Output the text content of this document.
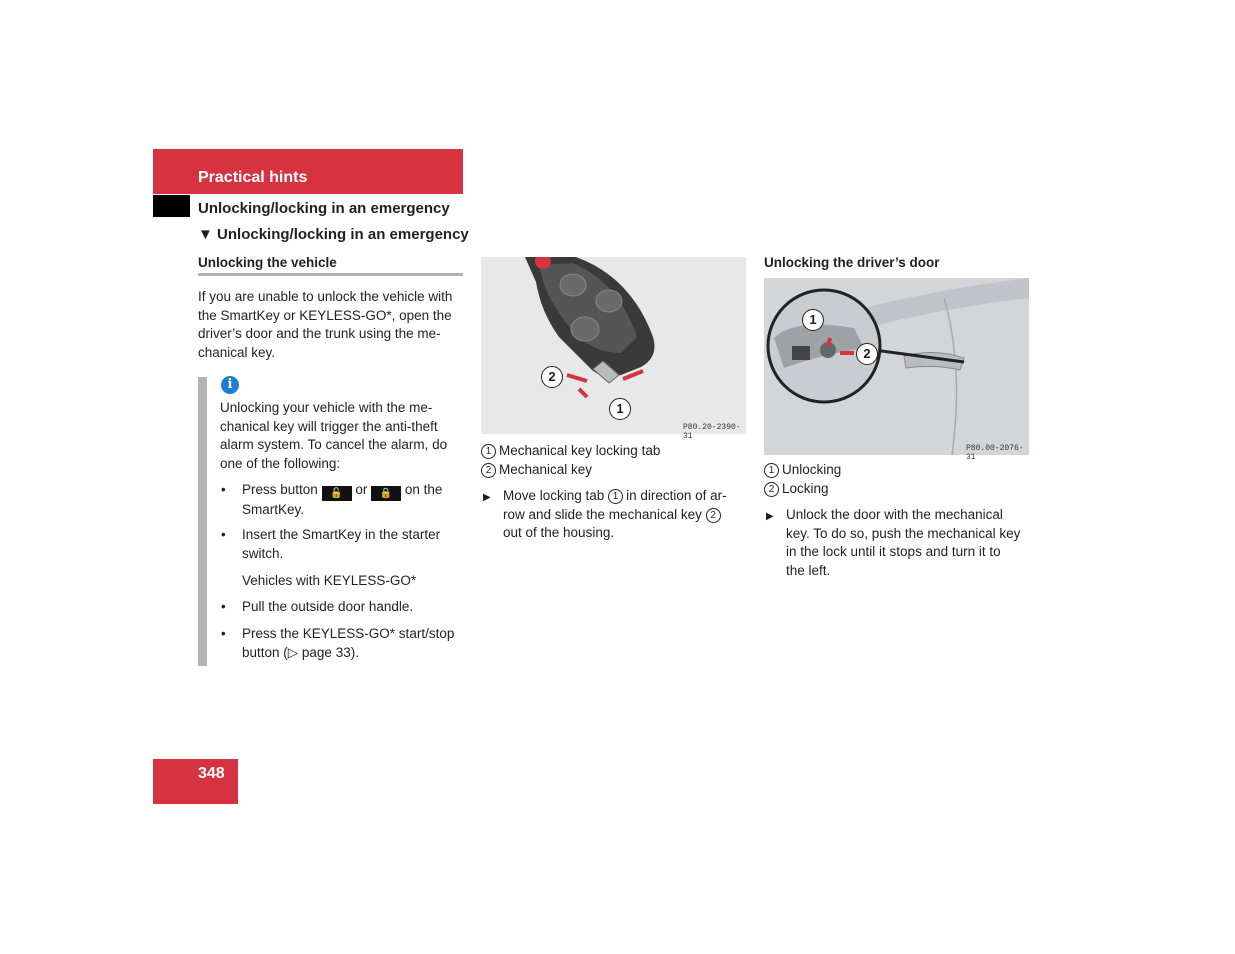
Practical hints
Unlocking/locking in an emergency
▼ Unlocking/locking in an emergency
Unlocking the vehicle
If you are unable to unlock the vehicle with
the SmartKey or KEYLESS-GO*, open the
driver’s door and the trunk using the me-
chanical key.
i
Unlocking your vehicle with the me-
chanical key will trigger the anti-theft
alarm system. To cancel the alarm, do
one of the following:
• Press button 🔓 or 🔒 on the
SmartKey.
• Insert the SmartKey in the starter
switch.
Vehicles with KEYLESS-GO*
• Pull the outside door handle.
• Press the KEYLESS-GO* start/stop
button (▷ page 33).
2
1
P80.20-2390-31
1 Mechanical key locking tab
2 Mechanical key
▶ Move locking tab 1 in direction of ar-
row and slide the mechanical key 2
out of the housing.
Unlocking the driver’s door
1
2
P80.00-2076-31
1 Unlocking
2 Locking
▶ Unlock the door with the mechanical
key. To do so, push the mechanical key
in the lock until it stops and turn it to
the left.
348
